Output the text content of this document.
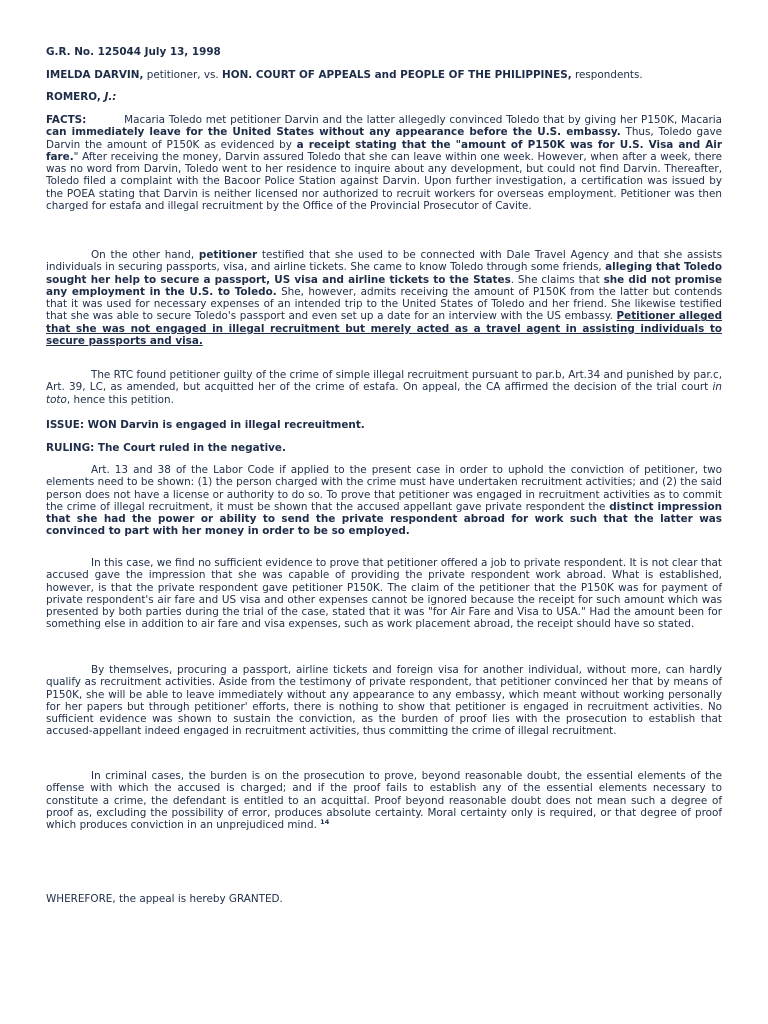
G.R. No. 125044 July 13, 1998

IMELDA DARVIN, petitioner, vs. HON. COURT OF APPEALS and PEOPLE OF THE PHILIPPINES, respondents.

ROMERO, J.:

FACTS:          Macaria Toledo met petitioner Darvin and the latter allegedly convinced Toledo that by giving her P150K, Macaria can immediately leave for the United States without any appearance before the U.S. embassy. Thus, Toledo gave Darvin the amount of P150K as evidenced by a receipt stating that the "amount of P150K was for U.S. Visa and Air fare." After receiving the money, Darvin assured Toledo that she can leave within one week. However, when after a week, there was no word from Darvin, Toledo went to her residence to inquire about any development, but could not find Darvin. Thereafter, Toledo filed a complaint with the Bacoor Police Station against Darvin. Upon further investigation, a certification was issued by the POEA stating that Darvin is neither licensed nor authorized to recruit workers for overseas employment. Petitioner was then charged for estafa and illegal recruitment by the Office of the Provincial Prosecutor of Cavite.

On the other hand, petitioner testified that she used to be connected with Dale Travel Agency and that she assists individuals in securing passports, visa, and airline tickets. She came to know Toledo through some friends, alleging that Toledo sought her help to secure a passport, US visa and airline tickets to the States. She claims that she did not promise any employment in the U.S. to Toledo. She, however, admits receiving the amount of P150K from the latter but contends that it was used for necessary expenses of an intended trip to the United States of Toledo and her friend. She likewise testified that she was able to secure Toledo's passport and even set up a date for an interview with the US embassy. Petitioner alleged that she was not engaged in illegal recruitment but merely acted as a travel agent in assisting individuals to secure passports and visa.

The RTC found petitioner guilty of the crime of simple illegal recruitment pursuant to par.b, Art.34 and punished by par.c, Art. 39, LC, as amended, but acquitted her of the crime of estafa. On appeal, the CA affirmed the decision of the trial court in toto, hence this petition.

ISSUE: WON Darvin is engaged in illegal recreuitment.

RULING: The Court ruled in the negative.

Art. 13 and 38 of the Labor Code if applied to the present case in order to uphold the conviction of petitioner, two elements need to be shown: (1) the person charged with the crime must have undertaken recruitment activities; and (2) the said person does not have a license or authority to do so. To prove that petitioner was engaged in recruitment activities as to commit the crime of illegal recruitment, it must be shown that the accused appellant gave private respondent the distinct impression that she had the power or ability to send the private respondent abroad for work such that the latter was convinced to part with her money in order to be so employed.

In this case, we find no sufficient evidence to prove that petitioner offered a job to private respondent. It is not clear that accused gave the impression that she was capable of providing the private respondent work abroad. What is established, however, is that the private respondent gave petitioner P150K. The claim of the petitioner that the P150K was for payment of private respondent's air fare and US visa and other expenses cannot be ignored because the receipt for such amount which was presented by both parties during the trial of the case, stated that it was "for Air Fare and Visa to USA." Had the amount been for something else in addition to air fare and visa expenses, such as work placement abroad, the receipt should have so stated.

By themselves, procuring a passport, airline tickets and foreign visa for another individual, without more, can hardly qualify as recruitment activities. Aside from the testimony of private respondent, that petitioner convinced her that by means of P150K, she will be able to leave immediately without any appearance to any embassy, which meant without working personally for her papers but through petitioner' efforts, there is nothing to show that petitioner is engaged in recruitment activities. No sufficient evidence was shown to sustain the conviction, as the burden of proof lies with the prosecution to establish that accused-appellant indeed engaged in recruitment activities, thus committing the crime of illegal recruitment.

In criminal cases, the burden is on the prosecution to prove, beyond reasonable doubt, the essential elements of the offense with which the accused is charged; and if the proof fails to establish any of the essential elements necessary to constitute a crime, the defendant is entitled to an acquittal. Proof beyond reasonable doubt does not mean such a degree of proof as, excluding the possibility of error, produces absolute certainty. Moral certainty only is required, or that degree of proof which produces conviction in an unprejudiced mind. $^{14}$

WHEREFORE, the appeal is hereby GRANTED.
